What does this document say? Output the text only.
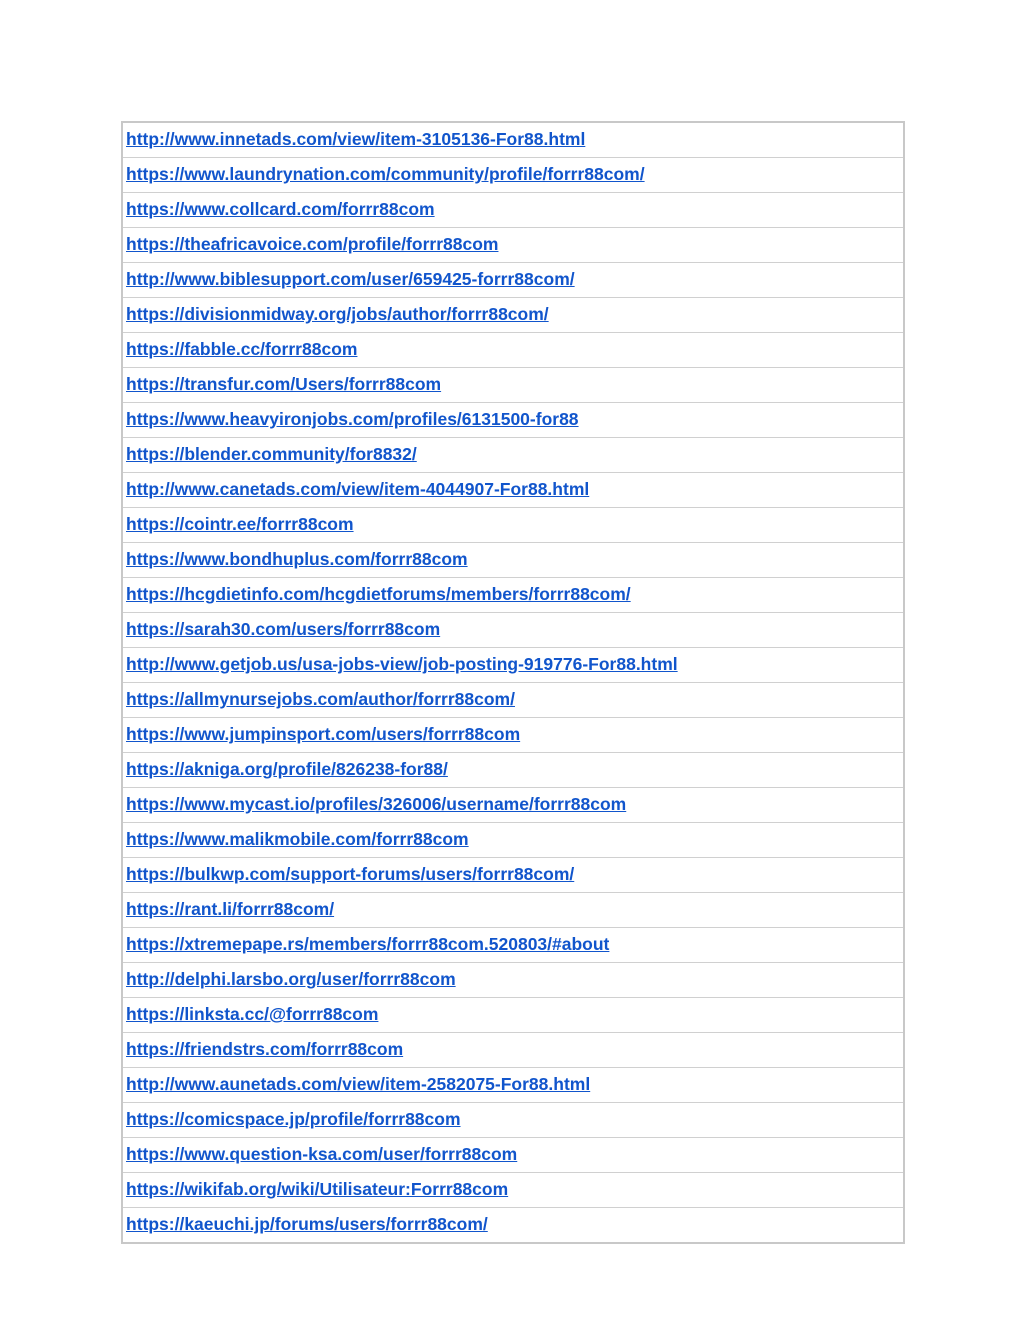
http://www.innetads.com/view/item-3105136-For88.html
https://www.laundrynation.com/community/profile/forrr88com/
https://www.collcard.com/forrr88com
https://theafricavoice.com/profile/forrr88com
http://www.biblesupport.com/user/659425-forrr88com/
https://divisionmidway.org/jobs/author/forrr88com/
https://fabble.cc/forrr88com
https://transfur.com/Users/forrr88com
https://www.heavyironjobs.com/profiles/6131500-for88
https://blender.community/for8832/
http://www.canetads.com/view/item-4044907-For88.html
https://cointr.ee/forrr88com
https://www.bondhuplus.com/forrr88com
https://hcgdietinfo.com/hcgdietforums/members/forrr88com/
https://sarah30.com/users/forrr88com
http://www.getjob.us/usa-jobs-view/job-posting-919776-For88.html
https://allmynursejobs.com/author/forrr88com/
https://www.jumpinsport.com/users/forrr88com
https://akniga.org/profile/826238-for88/
https://www.mycast.io/profiles/326006/username/forrr88com
https://www.malikmobile.com/forrr88com
https://bulkwp.com/support-forums/users/forrr88com/
https://rant.li/forrr88com/
https://xtremepape.rs/members/forrr88com.520803/#about
http://delphi.larsbo.org/user/forrr88com
https://linksta.cc/@forrr88com
https://friendstrs.com/forrr88com
http://www.aunetads.com/view/item-2582075-For88.html
https://comicspace.jp/profile/forrr88com
https://www.question-ksa.com/user/forrr88com
https://wikifab.org/wiki/Utilisateur:Forrr88com
https://kaeuchi.jp/forums/users/forrr88com/
